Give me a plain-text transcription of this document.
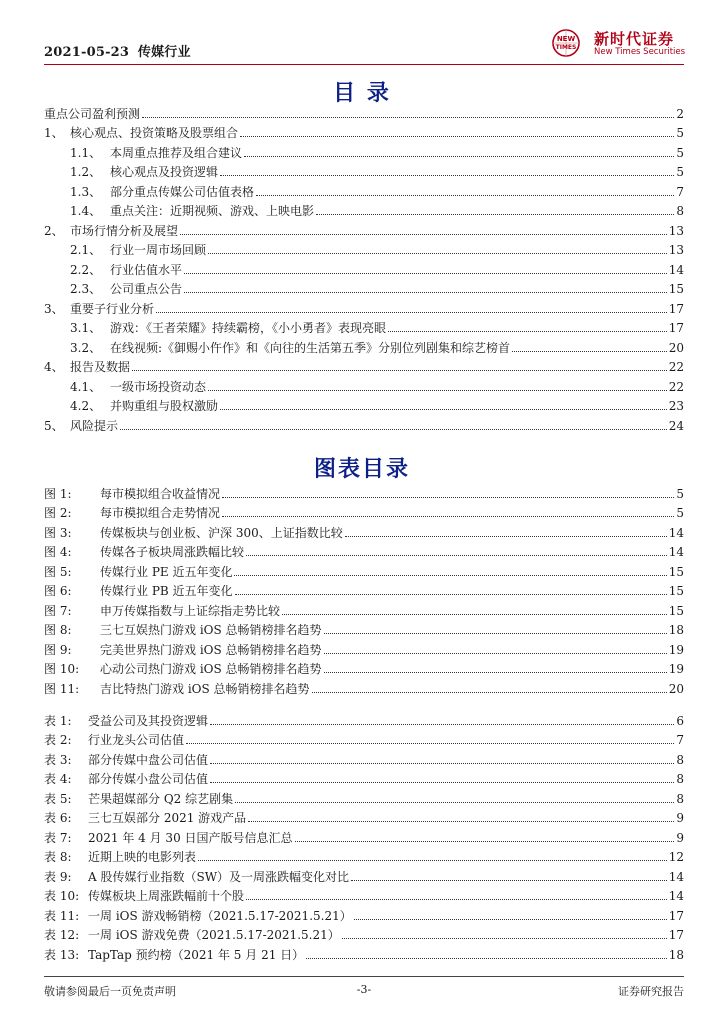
2021-05-23 传媒行业
NEW
TIMES 新时代证券
New Times Securities
目 录
重点公司盈利预测	2
1、 核心观点、投资策略及股票组合	5
1.1、 本周重点推荐及组合建议	5
1.2、 核心观点及投资逻辑	5
1.3、 部分重点传媒公司估值表格	7
1.4、 重点关注：近期视频、游戏、上映电影	8
2、 市场行情分析及展望	13
2.1、 行业一周市场回顾	13
2.2、 行业估值水平	14
2.3、 公司重点公告	15
3、 重要子行业分析	17
3.1、 游戏：《王者荣耀》持续霸榜，《小小勇者》表现亮眼	17
3.2、 在线视频:《御赐小仵作》和《向往的生活第五季》分别位列剧集和综艺榜首	20
4、 报告及数据	22
4.1、 一级市场投资动态	22
4.2、 并购重组与股权激励	23
5、 风险提示	24
图表目录
图 1:	每市模拟组合收益情况	5
图 2:	每市模拟组合走势情况	5
图 3:	传媒板块与创业板、沪深 300、上证指数比较	14
图 4:	传媒各子板块周涨跌幅比较	14
图 5:	传媒行业 PE 近五年变化	15
图 6:	传媒行业 PB 近五年变化	15
图 7:	申万传媒指数与上证综指走势比较	15
图 8:	三七互娱热门游戏 iOS 总畅销榜排名趋势	18
图 9:	完美世界热门游戏 iOS 总畅销榜排名趋势	19
图 10:	心动公司热门游戏 iOS 总畅销榜排名趋势	19
图 11:	吉比特热门游戏 iOS 总畅销榜排名趋势	20
表 1:	受益公司及其投资逻辑	6
表 2:	行业龙头公司估值	7
表 3:	部分传媒中盘公司估值	8
表 4:	部分传媒小盘公司估值	8
表 5:	芒果超媒部分 Q2 综艺剧集	8
表 6:	三七互娱部分 2021 游戏产品	9
表 7:	2021 年 4 月 30 日国产版号信息汇总	9
表 8:	近期上映的电影列表	12
表 9:	A 股传媒行业指数（SW）及一周涨跌幅变化对比	14
表 10: 传媒板块上周涨跌幅前十个股	14
表 11: 一周 iOS 游戏畅销榜（2021.5.17-2021.5.21）	17
表 12: 一周 iOS 游戏免费（2021.5.17-2021.5.21）	17
表 13: TapTap 预约榜（2021 年 5 月 21 日）	18
敬请参阅最后一页免责声明	-3-	证券研究报告
